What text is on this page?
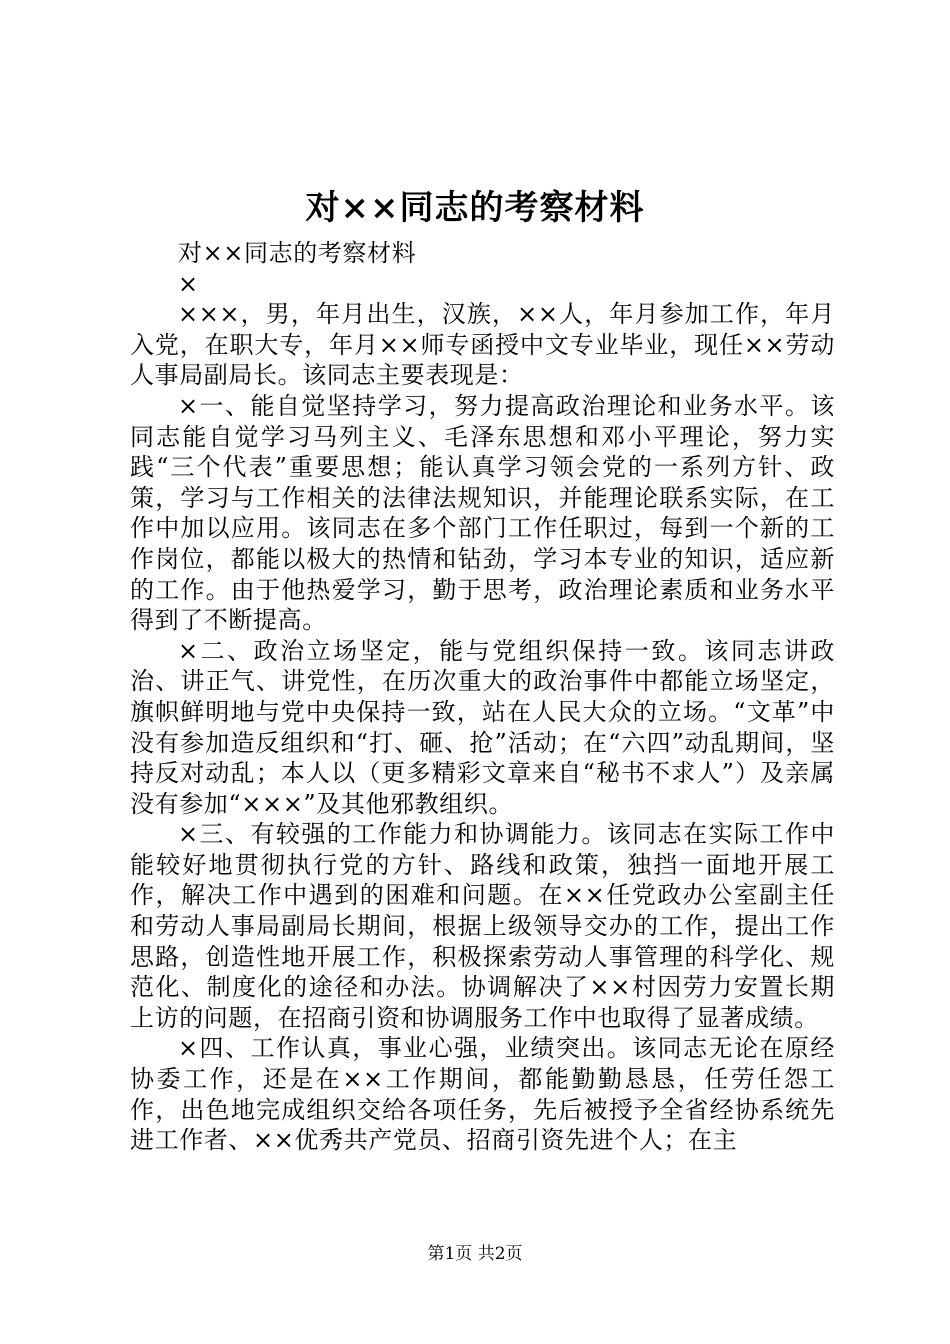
对××同志的考察材料

对××同志的考察材料

×

×××，男，年月出生，汉族，××人，年月参加工作，年月入党，在职大专，年月××师专函授中文专业毕业，现任××劳动人事局副局长。该同志主要表现是：

×一、能自觉坚持学习，努力提高政治理论和业务水平。该同志能自觉学习马列主义、毛泽东思想和邓小平理论，努力实践“三个代表”重要思想；能认真学习领会党的一系列方针、政策，学习与工作相关的法律法规知识，并能理论联系实际，在工作中加以应用。该同志在多个部门工作任职过，每到一个新的工作岗位，都能以极大的热情和钻劲，学习本专业的知识，适应新的工作。由于他热爱学习，勤于思考，政治理论素质和业务水平得到了不断提高。

×二、政治立场坚定，能与党组织保持一致。该同志讲政治、讲正气、讲党性，在历次重大的政治事件中都能立场坚定，旗帜鲜明地与党中央保持一致，站在人民大众的立场。“文革”中没有参加造反组织和“打、砸、抢”活动；在“六四”动乱期间，坚持反对动乱；本人以（更多精彩文章来自“秘书不求人”）及亲属没有参加“×××”及其他邪教组织。

×三、有较强的工作能力和协调能力。该同志在实际工作中能较好地贯彻执行党的方针、路线和政策，独挡一面地开展工作，解决工作中遇到的困难和问题。在××任党政办公室副主任和劳动人事局副局长期间，根据上级领导交办的工作，提出工作思路，创造性地开展工作，积极探索劳动人事管理的科学化、规范化、制度化的途径和办法。协调解决了××村因劳力安置长期上访的问题，在招商引资和协调服务工作中也取得了显著成绩。

×四、工作认真，事业心强，业绩突出。该同志无论在原经协委工作，还是在××工作期间，都能勤勤恳恳，任劳任怨工作，出色地完成组织交给各项任务，先后被授予全省经协系统先进工作者、××优秀共产党员、招商引资先进个人；在主

第1页 共2页
